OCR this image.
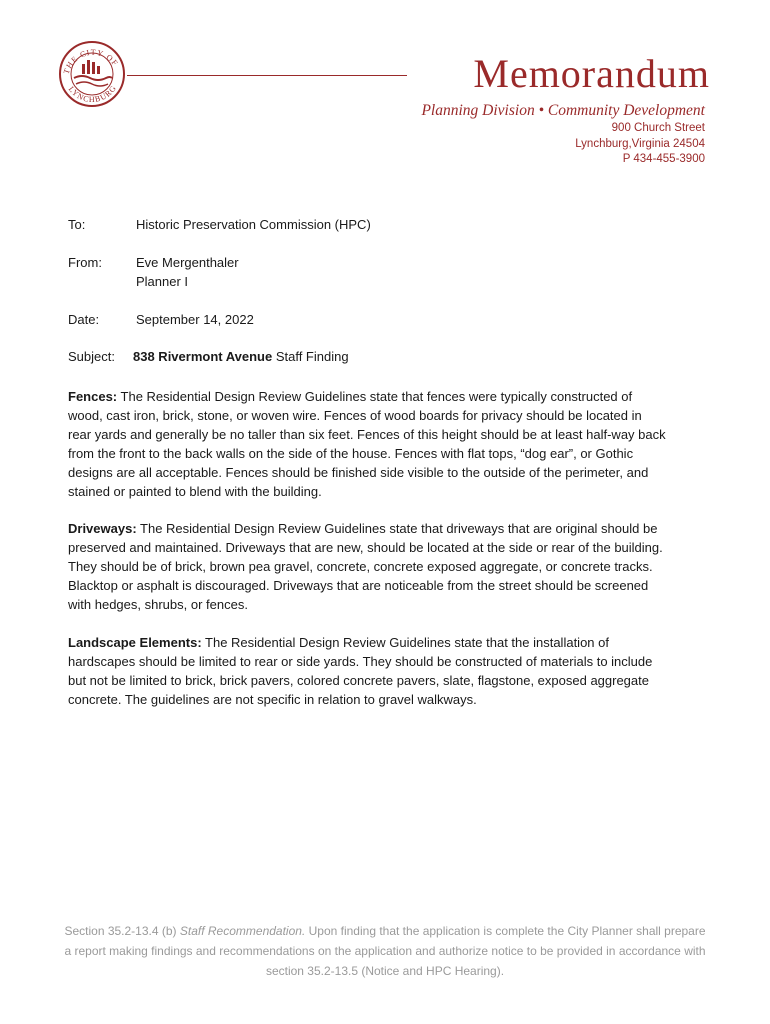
THE CITY OF
LYNCHBURG	Memorandum
Planning Division • Community Development
900 Church Street
Lynchburg,Virginia 24504
P 434-455-3900
To:	Historic Preservation Commission (HPC)
From:	Eve Mergenthaler
Planner I
Date:	September 14, 2022
Subject: 838 Rivermont Avenue Staff Finding
Fences: The Residential Design Review Guidelines state that fences were typically constructed of wood, cast iron, brick, stone, or woven wire. Fences of wood boards for privacy should be located in rear yards and generally be no taller than six feet. Fences of this height should be at least half-way back from the front to the back walls on the side of the house. Fences with flat tops, “dog ear”, or Gothic designs are all acceptable. Fences should be finished side visible to the outside of the perimeter, and stained or painted to blend with the building.
Driveways: The Residential Design Review Guidelines state that driveways that are original should be preserved and maintained. Driveways that are new, should be located at the side or rear of the building. They should be of brick, brown pea gravel, concrete, concrete exposed aggregate, or concrete tracks. Blacktop or asphalt is discouraged. Driveways that are noticeable from the street should be screened with hedges, shrubs, or fences.
Landscape Elements: The Residential Design Review Guidelines state that the installation of hardscapes should be limited to rear or side yards. They should be constructed of materials to include but not be limited to brick, brick pavers, colored concrete pavers, slate, flagstone, exposed aggregate concrete. The guidelines are not specific in relation to gravel walkways.
Section 35.2-13.4 (b) Staff Recommendation. Upon finding that the application is complete the City Planner shall prepare a report making findings and recommendations on the application and authorize notice to be provided in accordance with section 35.2-13.5 (Notice and HPC Hearing).
